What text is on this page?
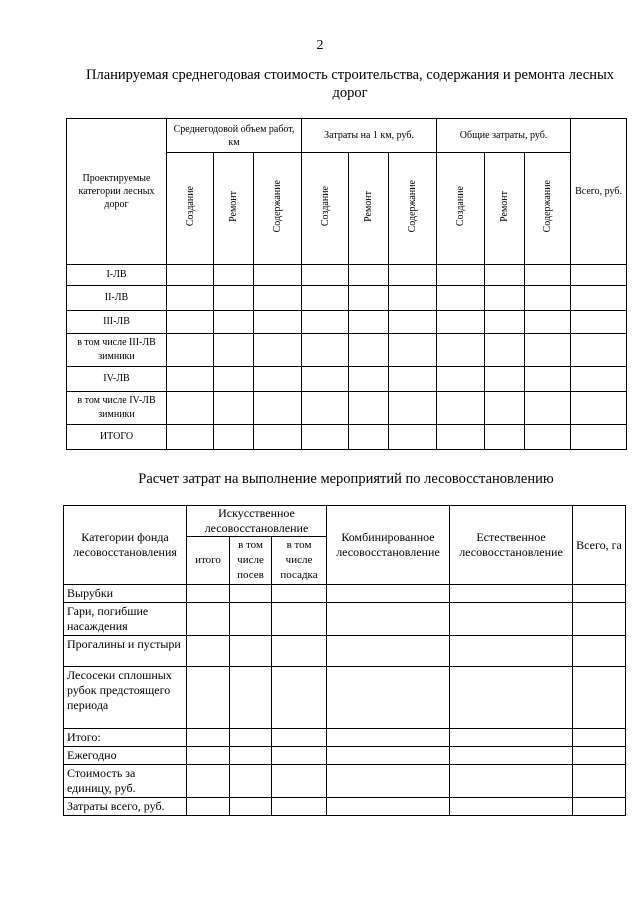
2
Планируемая среднегодовая стоимость строительства, содержания и ремонта лесных дорог
Проектируемые категории лесных дорог	Среднегодовой объем работ, км			Затраты на 1 км, руб.			Общие затраты, руб.			Всего, руб.
	Создание	Ремонт	Содержание	Создание	Ремонт	Содержание	Создание	Ремонт	Содержание	
I-ЛВ										
II-ЛВ										
III-ЛВ										
в том числе III-ЛВ зимники										
IV-ЛВ										
в том числе IV-ЛВ зимники										
ИТОГО										
Расчет затрат на выполнение мероприятий по лесовосстановлению
Категории фонда лесовосстановления	Искусственное лесовосстановление			Комбинированное лесовосстановление	Естественное лесовосстановление	Всего, га
	итого	в том числе посев	в том числе посадка			
Вырубки						
Гари, погибшие насаждения						
Прогалины и пустыри						
Лесосеки сплошных рубок предстоящего периода						
Итого:						
Ежегодно						
Стоимость за единицу, руб.						
Затраты всего, руб.						
